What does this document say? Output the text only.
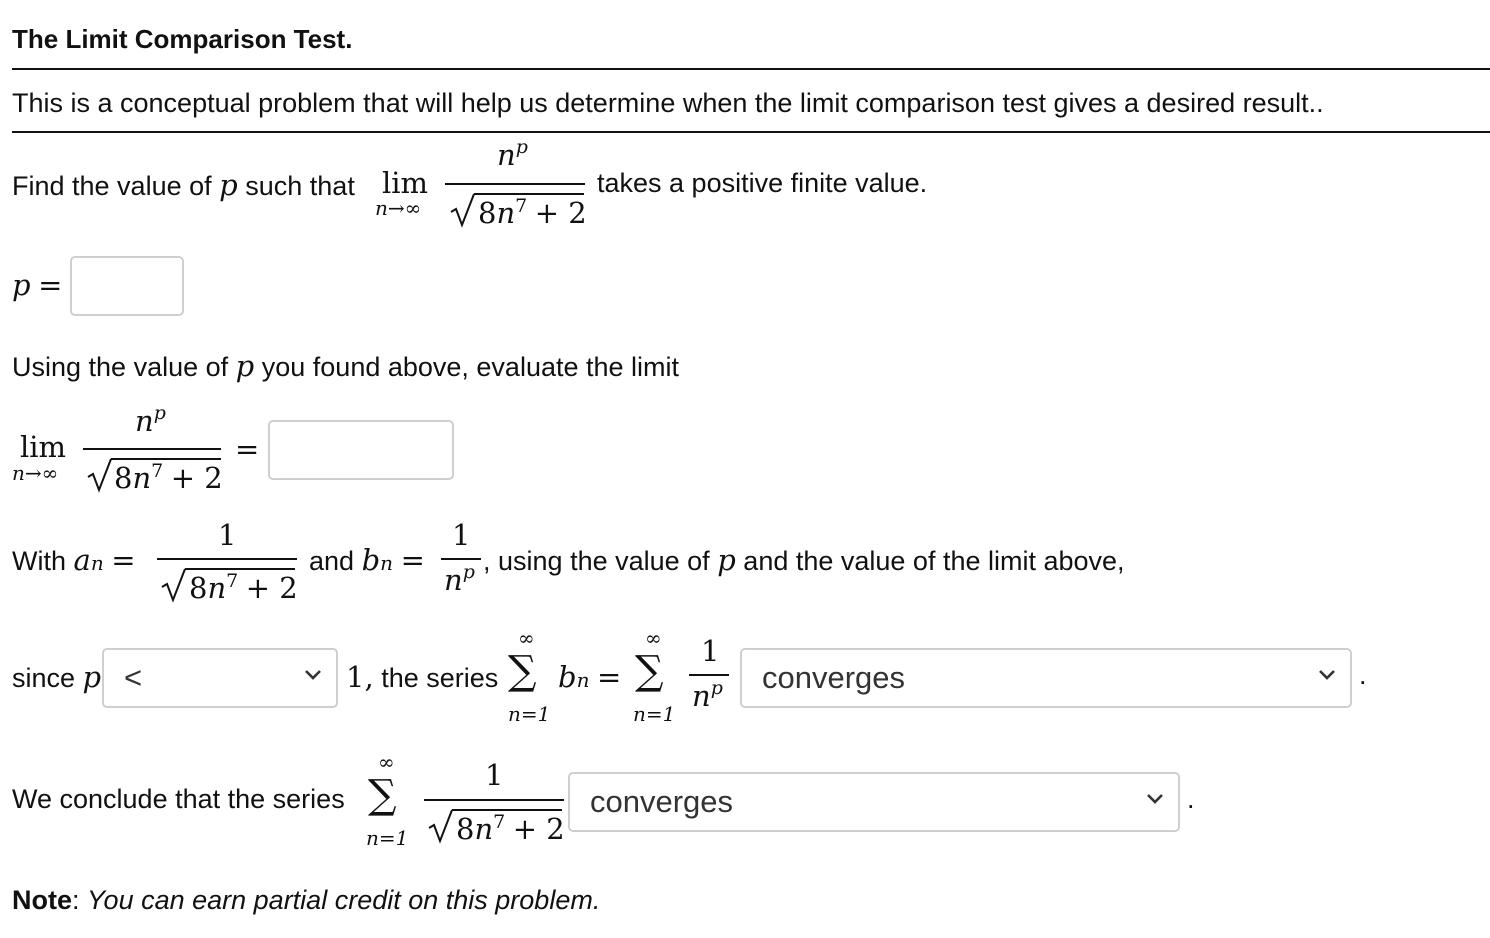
The Limit Comparison Test.
This is a conceptual problem that will help us determine when the limit comparison test gives a desired result..
Find the value of p such that lim
n→∞
$n^p$
$8n^7 + 2$
takes a positive finite value.
p =
Using the value of p you found above, evaluate the limit
lim
n→∞
$n^p$
$8n^7 + 2$
=
With an =
1
$8n^7 + 2$
and bn =
1
$n^p$ , using the value of p and the value of the limit above,
since p <	1, the series
∞
∑
n=1
bn =
∞
∑
n=1
1
$n^p$ converges	.
We conclude that the series
∞
∑
n=1
1
$8n^7 + 2$
converges	.
Note: You can earn partial credit on this problem.
